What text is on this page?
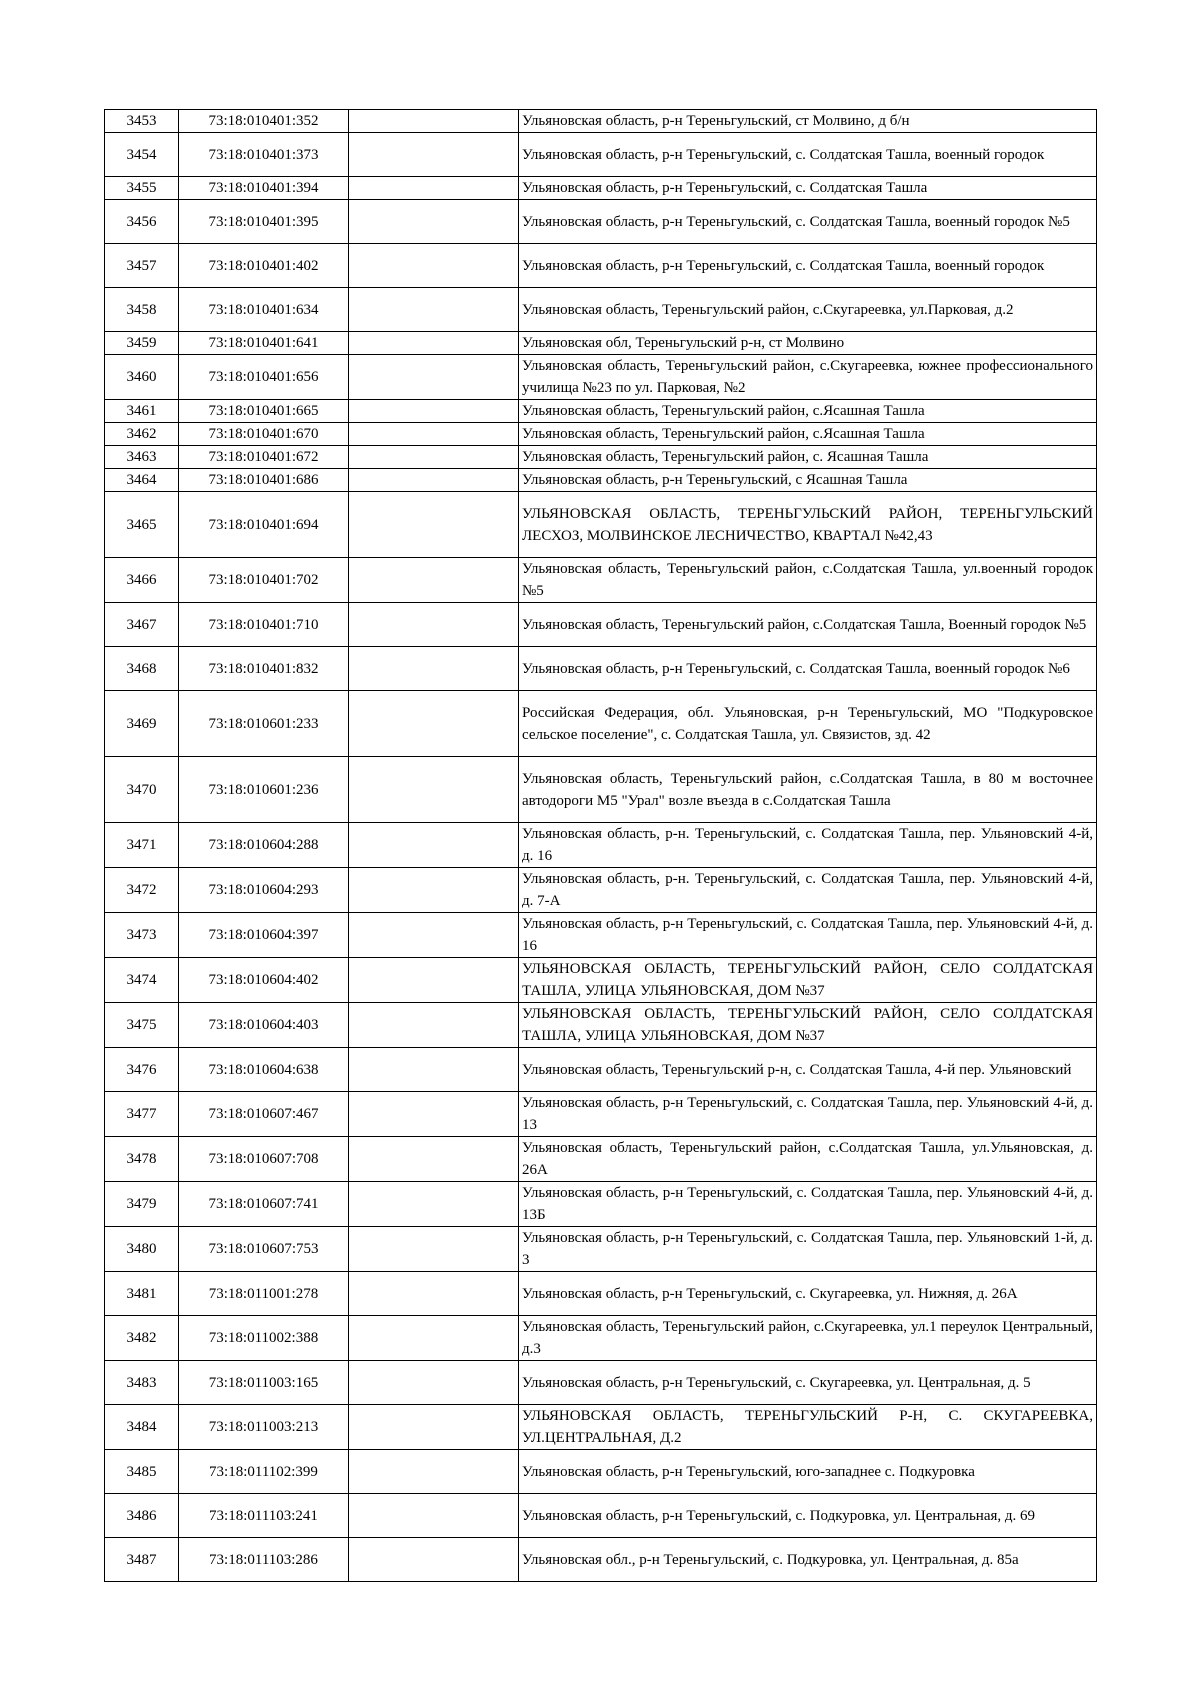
3453	73:18:010401:352		Ульяновская область, р-н Тереньгульский, ст Молвино, д б/н
3454	73:18:010401:373		Ульяновская область, р-н Тереньгульский, с. Солдатская Ташла, военный городок
3455	73:18:010401:394		Ульяновская область, р-н Тереньгульский, с. Солдатская Ташла
3456	73:18:010401:395		Ульяновская область, р-н Тереньгульский, с. Солдатская Ташла, военный городок №5
3457	73:18:010401:402		Ульяновская область, р-н Тереньгульский, с. Солдатская Ташла, военный городок
3458	73:18:010401:634		Ульяновская область, Тереньгульский район, с.Скугареевка, ул.Парковая, д.2
3459	73:18:010401:641		Ульяновская обл, Тереньгульский р-н, ст Молвино
3460	73:18:010401:656		Ульяновская область, Тереньгульский район, с.Скугареевка, южнее профессионального училища №23 по ул. Парковая, №2
3461	73:18:010401:665		Ульяновская область, Тереньгульский район, с.Ясашная Ташла
3462	73:18:010401:670		Ульяновская область, Тереньгульский район, с.Ясашная Ташла
3463	73:18:010401:672		Ульяновская область, Тереньгульский район, с. Ясашная Ташла
3464	73:18:010401:686		Ульяновская область, р-н Тереньгульский, с Ясашная Ташла
3465	73:18:010401:694		УЛЬЯНОВСКАЯ ОБЛАСТЬ, ТЕРЕНЬГУЛЬСКИЙ РАЙОН, ТЕРЕНЬГУЛЬСКИЙ ЛЕСХОЗ, МОЛВИНСКОЕ ЛЕСНИЧЕСТВО, КВАРТАЛ №42,43
3466	73:18:010401:702		Ульяновская область, Тереньгульский район, с.Солдатская Ташла, ул.военный городок №5
3467	73:18:010401:710		Ульяновская область, Тереньгульский район, с.Солдатская Ташла, Военный городок №5
3468	73:18:010401:832		Ульяновская область, р-н Тереньгульский, с. Солдатская Ташла, военный городок №6
3469	73:18:010601:233		Российская Федерация, обл. Ульяновская, р-н Тереньгульский, МО "Подкуровское сельское поселение", с. Солдатская Ташла, ул. Связистов, зд. 42
3470	73:18:010601:236		Ульяновская область, Тереньгульский район, с.Солдатская Ташла, в 80 м восточнее автодороги М5 "Урал" возле въезда в с.Солдатская Ташла
3471	73:18:010604:288		Ульяновская область, р-н. Тереньгульский, с. Солдатская Ташла, пер. Ульяновский 4-й, д. 16
3472	73:18:010604:293		Ульяновская область, р-н. Тереньгульский, с. Солдатская Ташла, пер. Ульяновский 4-й, д. 7-А
3473	73:18:010604:397		Ульяновская область, р-н Тереньгульский, с. Солдатская Ташла, пер. Ульяновский 4-й, д. 16
3474	73:18:010604:402		УЛЬЯНОВСКАЯ ОБЛАСТЬ, ТЕРЕНЬГУЛЬСКИЙ РАЙОН, СЕЛО СОЛДАТСКАЯ ТАШЛА, УЛИЦА УЛЬЯНОВСКАЯ, ДОМ №37
3475	73:18:010604:403		УЛЬЯНОВСКАЯ ОБЛАСТЬ, ТЕРЕНЬГУЛЬСКИЙ РАЙОН, СЕЛО СОЛДАТСКАЯ ТАШЛА, УЛИЦА УЛЬЯНОВСКАЯ, ДОМ №37
3476	73:18:010604:638		Ульяновская область, Тереньгульский р-н, с. Солдатская Ташла, 4-й пер. Ульяновский
3477	73:18:010607:467		Ульяновская область, р-н Тереньгульский, с. Солдатская Ташла, пер. Ульяновский 4-й, д. 13
3478	73:18:010607:708		Ульяновская область, Тереньгульский район, с.Солдатская Ташла, ул.Ульяновская, д. 26А
3479	73:18:010607:741		Ульяновская область, р-н Тереньгульский, с. Солдатская Ташла, пер. Ульяновский 4-й, д. 13Б
3480	73:18:010607:753		Ульяновская область, р-н Тереньгульский, с. Солдатская Ташла, пер. Ульяновский 1-й, д. 3
3481	73:18:011001:278		Ульяновская область, р-н Тереньгульский, с. Скугареевка, ул. Нижняя, д. 26А
3482	73:18:011002:388		Ульяновская область, Тереньгульский район, с.Скугареевка, ул.1 переулок Центральный, д.3
3483	73:18:011003:165		Ульяновская область, р-н Тереньгульский, с. Скугареевка, ул. Центральная, д. 5
3484	73:18:011003:213		УЛЬЯНОВСКАЯ ОБЛАСТЬ, ТЕРЕНЬГУЛЬСКИЙ Р-Н, С. СКУГАРЕЕВКА, УЛ.ЦЕНТРАЛЬНАЯ, Д.2
3485	73:18:011102:399		Ульяновская область, р-н Тереньгульский, юго-западнее с. Подкуровка
3486	73:18:011103:241		Ульяновская область, р-н Тереньгульский, с. Подкуровка, ул. Центральная, д. 69
3487	73:18:011103:286		Ульяновская обл., р-н Тереньгульский, с. Подкуровка, ул. Центральная, д. 85а
